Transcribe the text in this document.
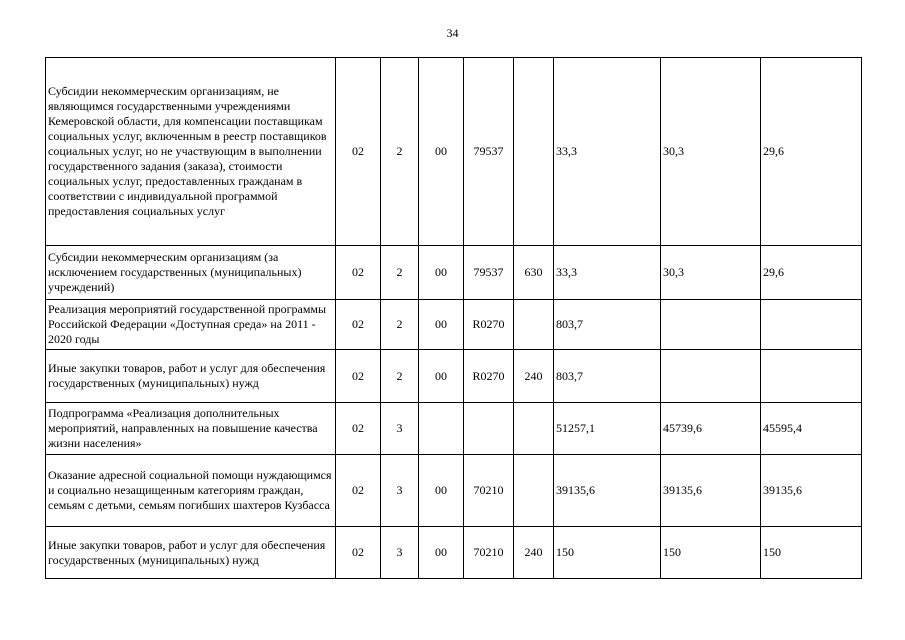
34
Субсидии некоммерческим организациям, не являющимся государственными учреждениями Кемеровской области, для компенсации поставщикам социальных услуг, включенным в реестр поставщиков социальных услуг, но не участвующим в выполнении государственного задания (заказа), стоимости социальных услуг, предоставленных гражданам в соответствии с индивидуальной программой предоставления социальных услуг	02	2	00	79537		33,3	30,3	29,6
Субсидии некоммерческим организациям (за исключением государственных (муниципальных) учреждений)	02	2	00	79537	630	33,3	30,3	29,6
Реализация мероприятий государственной программы Российской Федерации «Доступная среда» на 2011 - 2020 годы	02	2	00	R0270		803,7		
Иные закупки товаров, работ и услуг для обеспечения государственных (муниципальных) нужд	02	2	00	R0270	240	803,7		
Подпрограмма «Реализация дополнительных мероприятий, направленных на повышение качества жизни населения»	02	3				51257,1	45739,6	45595,4
Оказание адресной социальной помощи нуждающимся и социально незащищенным категориям граждан, семьям с детьми, семьям погибших шахтеров Кузбасса	02	3	00	70210		39135,6	39135,6	39135,6
Иные закупки товаров, работ и услуг для обеспечения государственных (муниципальных) нужд	02	3	00	70210	240	150	150	150
